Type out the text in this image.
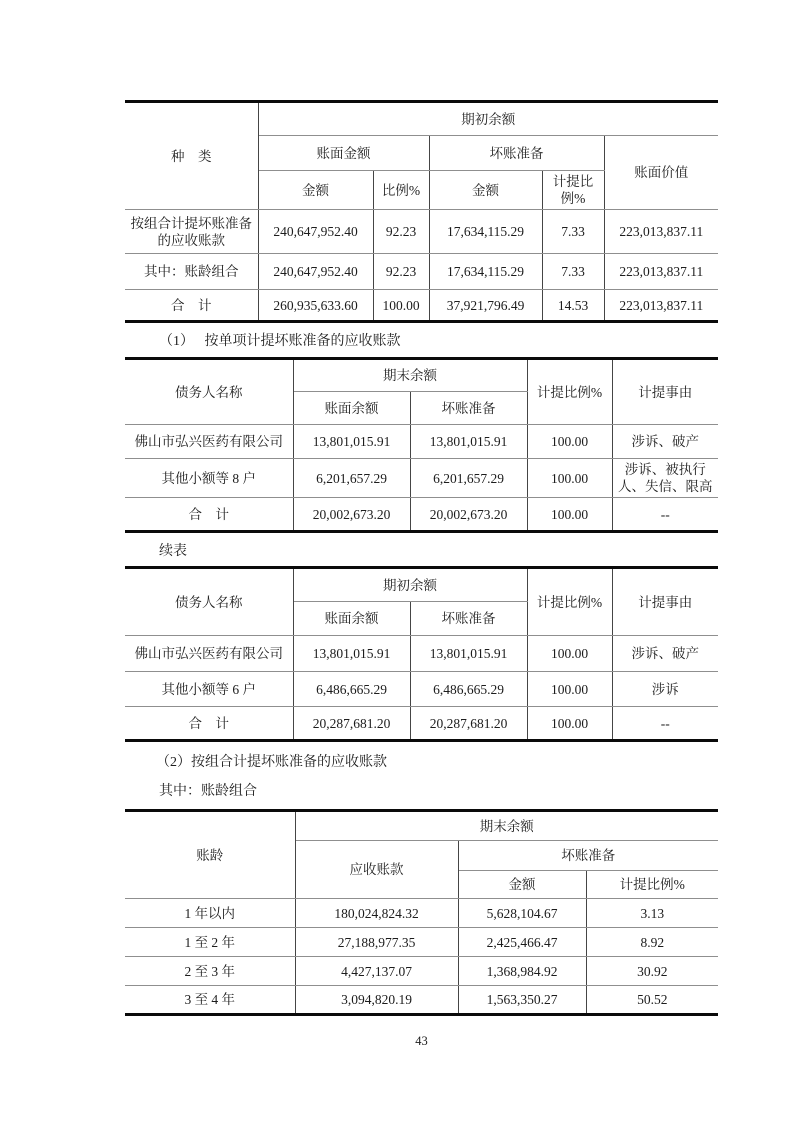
种　类	期初余额				
	账面金额		坏账准备		账面价值
	金额	比例%	金额	计提比例%	
按组合计提坏账准备的应收账款	240,647,952.40	92.23	17,634,115.29	7.33	223,013,837.11
其中：账龄组合	240,647,952.40	92.23	17,634,115.29	7.33	223,013,837.11
合　计	260,935,633.60	100.00	37,921,796.49	14.53	223,013,837.11

（1）　 按单项计提坏账准备的应收账款

债务人名称	期末余额		计提比例%	计提事由
	账面余额	坏账准备		
佛山市弘兴医药有限公司	13,801,015.91	13,801,015.91	100.00	涉诉、破产
其他小额等 8 户	6,201,657.29	6,201,657.29	100.00	涉诉、被执行人、失信、限高
合　计	20,002,673.20	20,002,673.20	100.00	--

续表

债务人名称	期初余额		计提比例%	计提事由
	账面余额	坏账准备		
佛山市弘兴医药有限公司	13,801,015.91	13,801,015.91	100.00	涉诉、破产
其他小额等 6 户	6,486,665.29	6,486,665.29	100.00	涉诉
合　计	20,287,681.20	20,287,681.20	100.00	--

（2）按组合计提坏账准备的应收账款

其中：账龄组合

账龄	期末余额		
	应收账款	坏账准备	
		金额	计提比例%
1 年以内	180,024,824.32	5,628,104.67	3.13
1 至 2 年	27,188,977.35	2,425,466.47	8.92
2 至 3 年	4,427,137.07	1,368,984.92	30.92
3 至 4 年	3,094,820.19	1,563,350.27	50.52
43
